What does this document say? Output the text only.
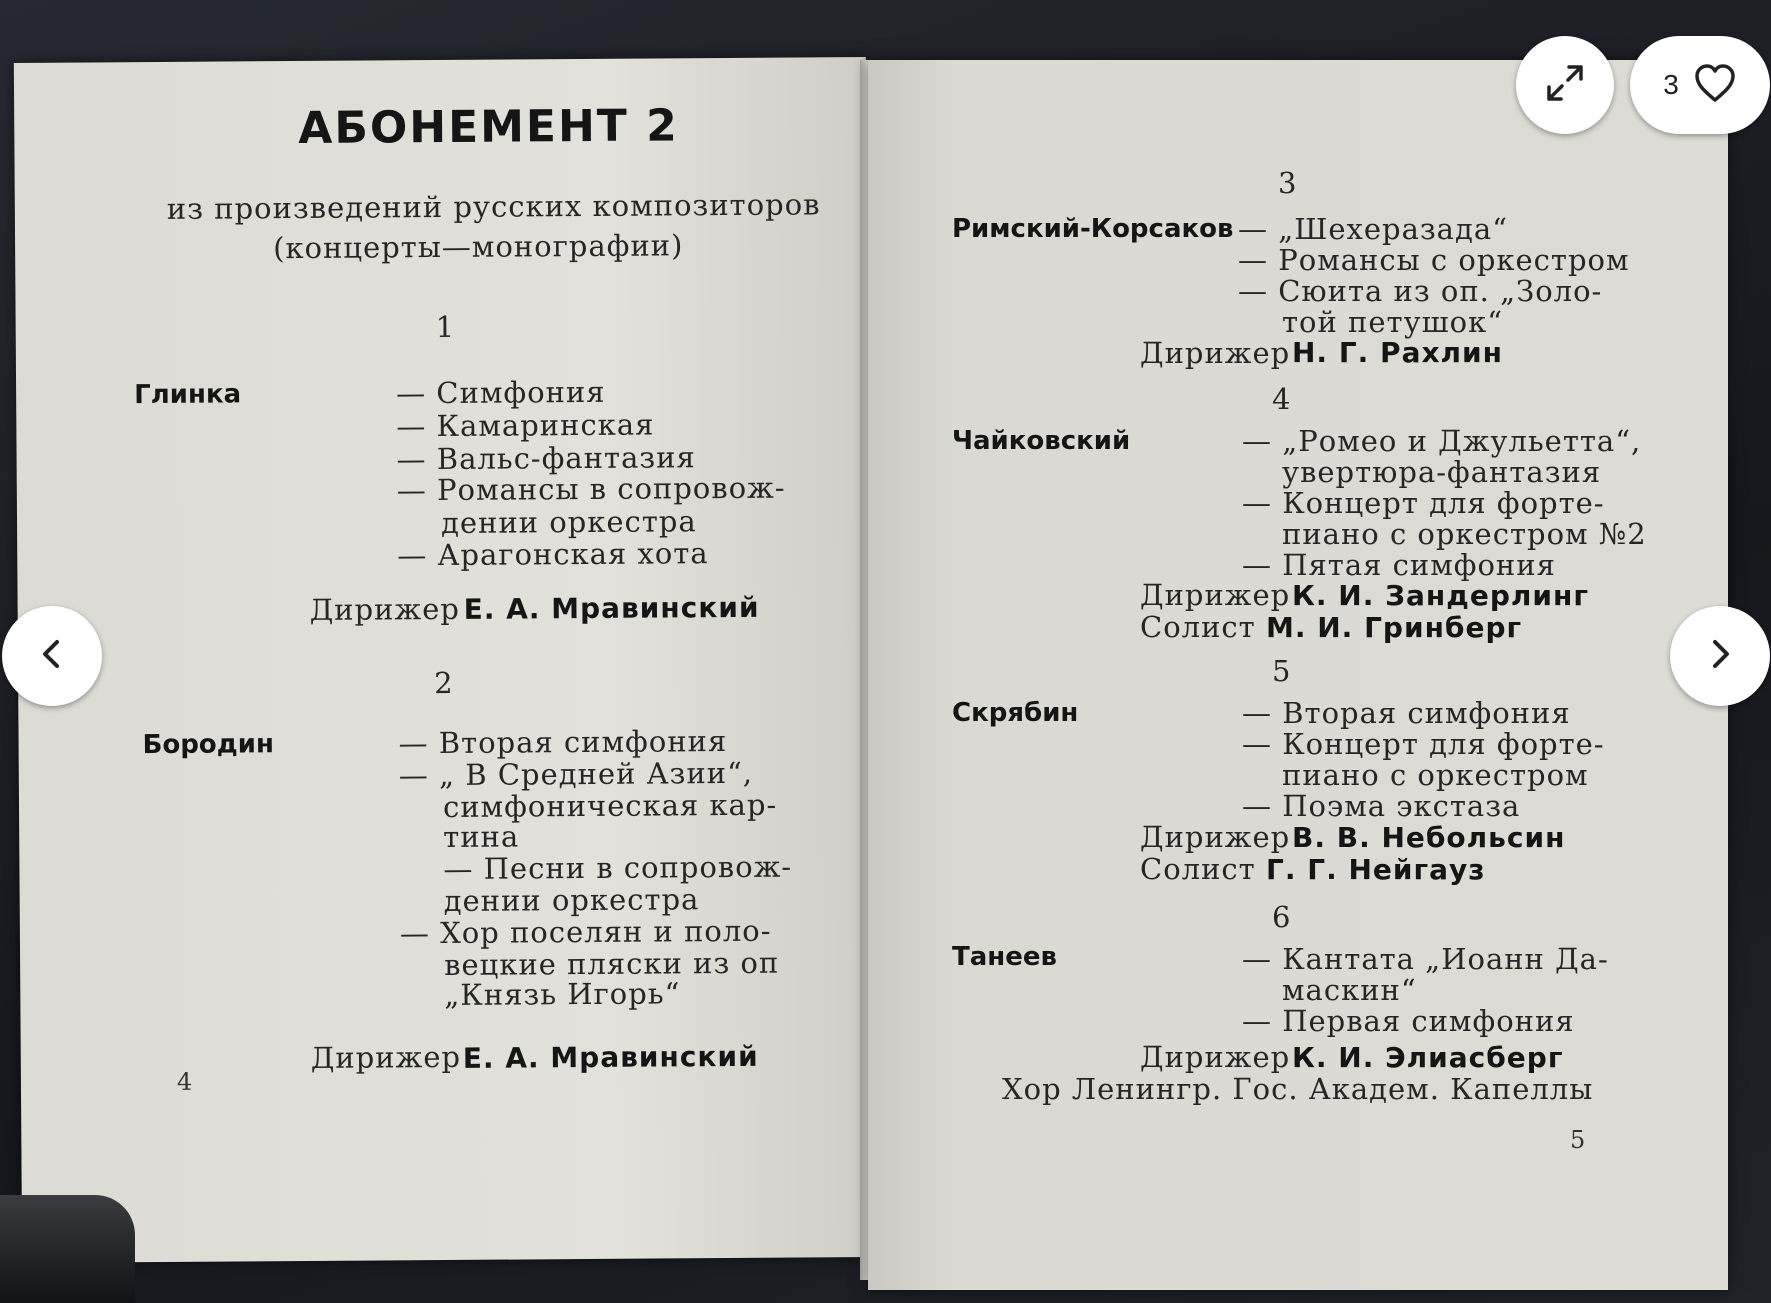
АБОНЕМЕНТ 2
из произведений русских композиторов
(концерты—монографии)
1
Глинка	— Симфония
— Камаринская
— Вальс-фантазия
— Романсы в сопровож-
дении оркестра
— Арагонская хота
Дирижер Е. А. Мравинский
2
Бородин	— Вторая симфония
— „ В Средней Азии“,
симфоническая кар-
тина
— Песни в сопровож-
дении оркестра
— Хор поселян и поло-
вецкие пляски из оп
„Князь Игорь“
Дирижер Е. А. Мравинский
4
3
Римский-Корсаков — „Шехеразада“
— Романсы с оркестром
— Сюита из оп. „Золо-
той петушок“
Дирижер Н. Г. Рахлин
4
Чайковский	— „Ромео и Джульетта“,
увертюра-фантазия
— Концерт для форте-
пиано с оркестром №2
— Пятая симфония
Дирижер К. И. Зандерлинг
Солист М. И. Гринберг
5
Скрябин	— Вторая симфония
— Концерт для форте-
пиано с оркестром
— Поэма экстаза
Дирижер В. В. Небольсин
Солист Г. Г. Нейгауз
6
Танеев	— Кантата „Иоанн Да-
маскин“
— Первая симфония
Дирижер К. И. Элиасберг
Хор Ленингр. Гос. Академ. Капеллы
5
3
